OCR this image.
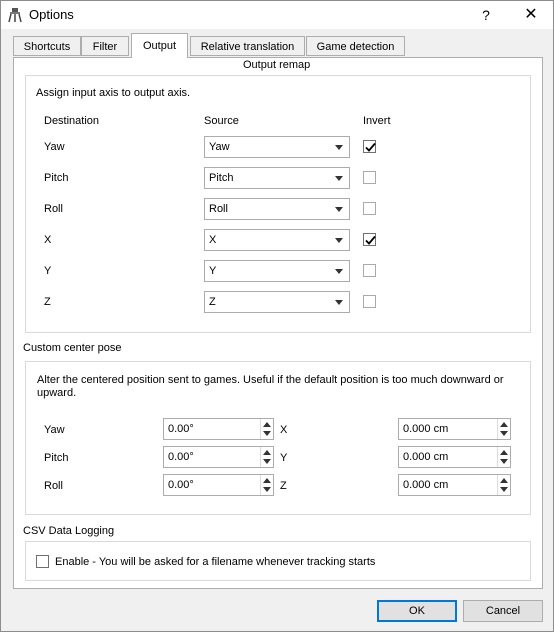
Options	?	✕
Shortcuts	Filter	Output	Relative translation	Game detection
Output remap
Assign input axis to output axis.
Destination	Source	Invert
Yaw	Yaw
Pitch	Pitch
Roll	Roll
X	X
Y	Y
Z	Z
Custom center pose
Alter the centered position sent to games. Useful if the default position is too much downward or upward.
Yaw	0.00°	X	0.000 cm
Pitch	0.00°	Y	0.000 cm
Roll	0.00°	Z	0.000 cm
CSV Data Logging
Enable - You will be asked for a filename whenever tracking starts
OK	Cancel
